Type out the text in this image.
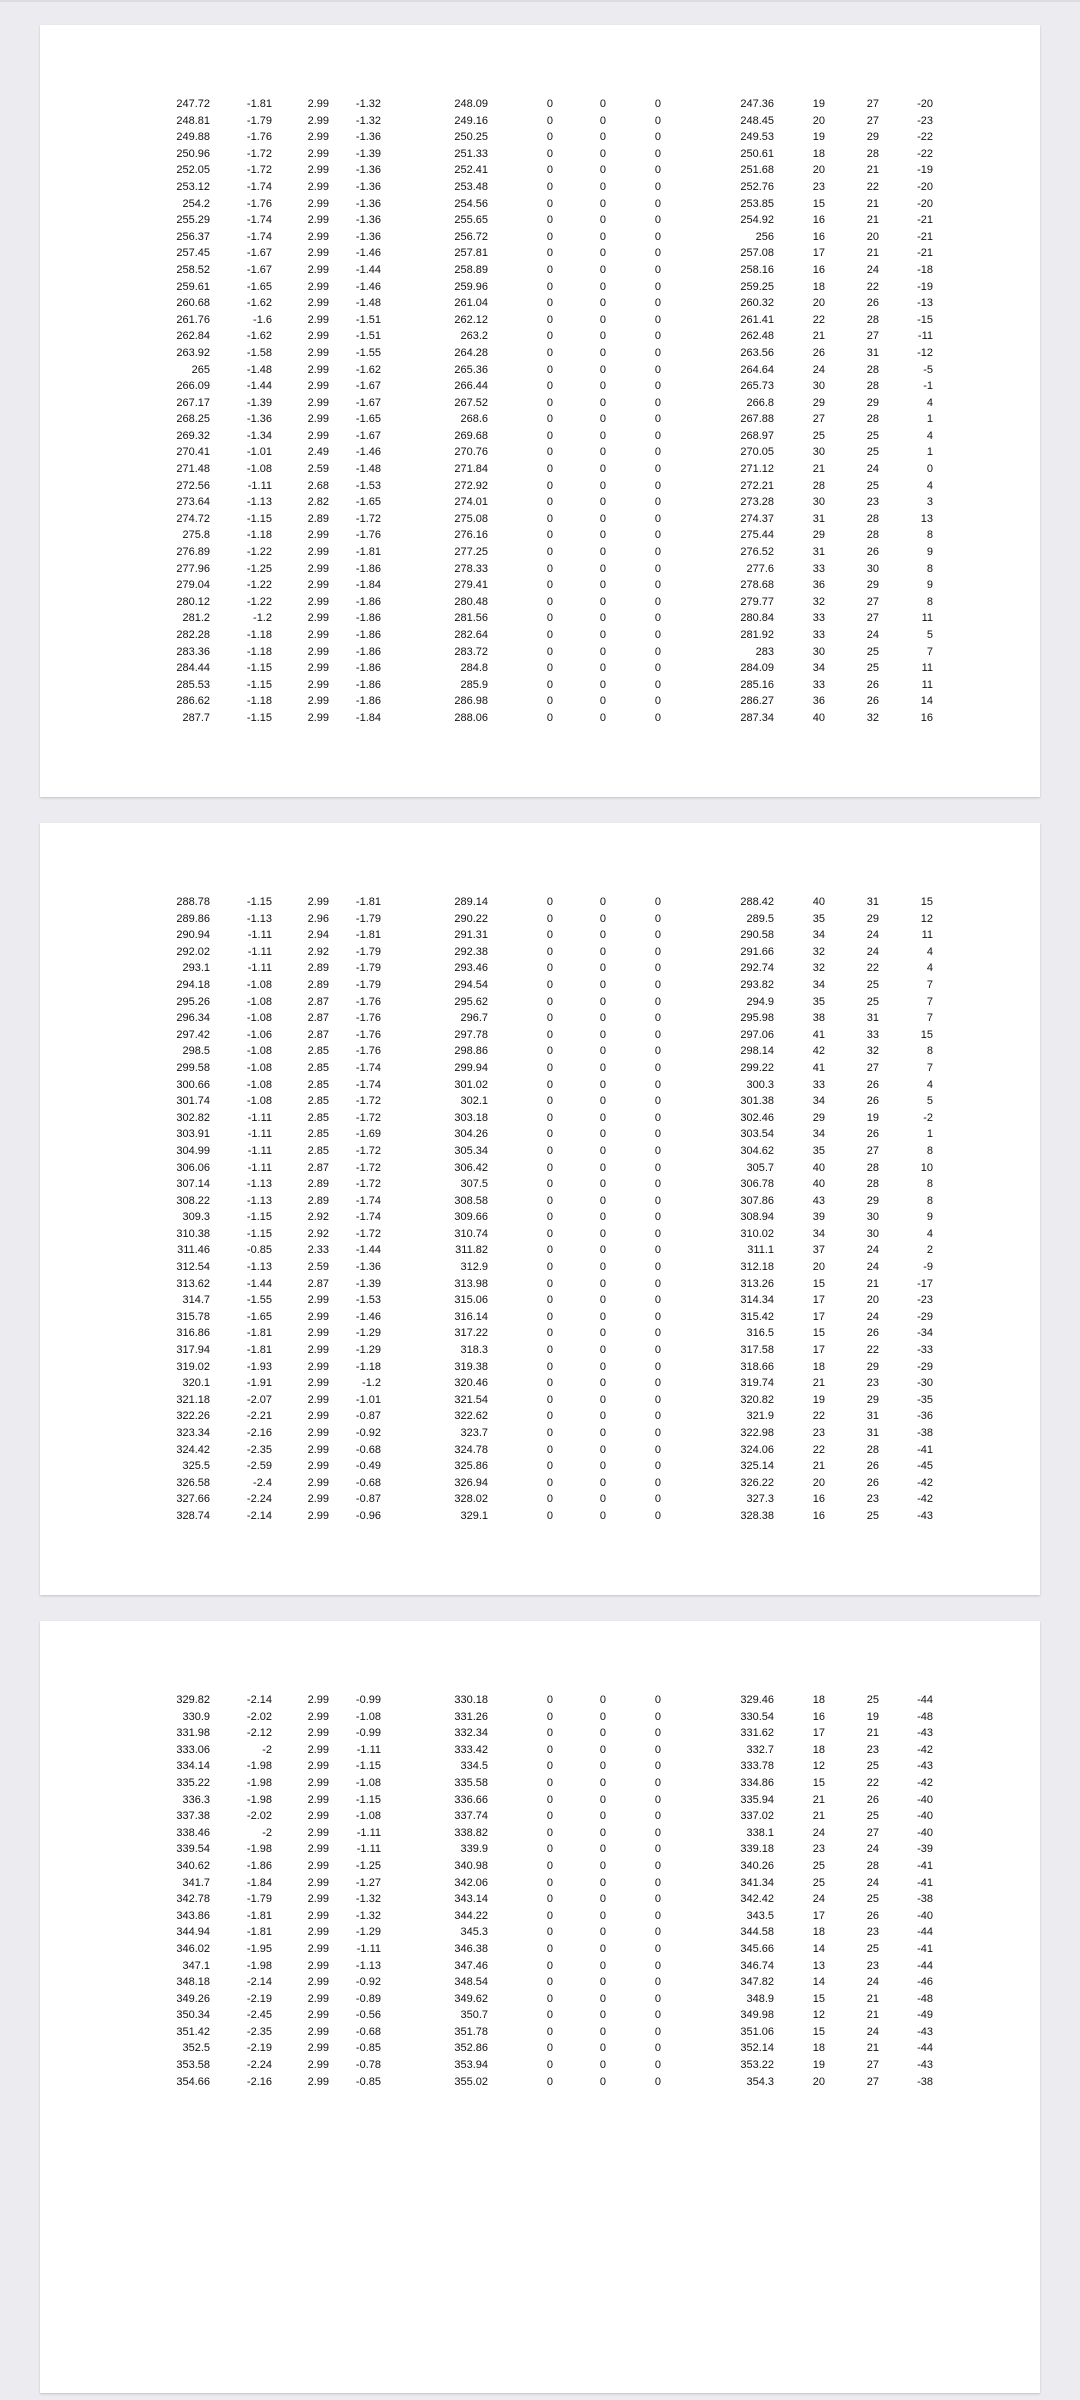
247.72	-1.81	2.99	-1.32	248.09	0	0	0	247.36	19	27	-20
248.81	-1.79	2.99	-1.32	249.16	0	0	0	248.45	20	27	-23
249.88	-1.76	2.99	-1.36	250.25	0	0	0	249.53	19	29	-22
250.96	-1.72	2.99	-1.39	251.33	0	0	0	250.61	18	28	-22
252.05	-1.72	2.99	-1.36	252.41	0	0	0	251.68	20	21	-19
253.12	-1.74	2.99	-1.36	253.48	0	0	0	252.76	23	22	-20
254.2	-1.76	2.99	-1.36	254.56	0	0	0	253.85	15	21	-20
255.29	-1.74	2.99	-1.36	255.65	0	0	0	254.92	16	21	-21
256.37	-1.74	2.99	-1.36	256.72	0	0	0	256	16	20	-21
257.45	-1.67	2.99	-1.46	257.81	0	0	0	257.08	17	21	-21
258.52	-1.67	2.99	-1.44	258.89	0	0	0	258.16	16	24	-18
259.61	-1.65	2.99	-1.46	259.96	0	0	0	259.25	18	22	-19
260.68	-1.62	2.99	-1.48	261.04	0	0	0	260.32	20	26	-13
261.76	-1.6	2.99	-1.51	262.12	0	0	0	261.41	22	28	-15
262.84	-1.62	2.99	-1.51	263.2	0	0	0	262.48	21	27	-11
263.92	-1.58	2.99	-1.55	264.28	0	0	0	263.56	26	31	-12
265	-1.48	2.99	-1.62	265.36	0	0	0	264.64	24	28	-5
266.09	-1.44	2.99	-1.67	266.44	0	0	0	265.73	30	28	-1
267.17	-1.39	2.99	-1.67	267.52	0	0	0	266.8	29	29	4
268.25	-1.36	2.99	-1.65	268.6	0	0	0	267.88	27	28	1
269.32	-1.34	2.99	-1.67	269.68	0	0	0	268.97	25	25	4
270.41	-1.01	2.49	-1.46	270.76	0	0	0	270.05	30	25	1
271.48	-1.08	2.59	-1.48	271.84	0	0	0	271.12	21	24	0
272.56	-1.11	2.68	-1.53	272.92	0	0	0	272.21	28	25	4
273.64	-1.13	2.82	-1.65	274.01	0	0	0	273.28	30	23	3
274.72	-1.15	2.89	-1.72	275.08	0	0	0	274.37	31	28	13
275.8	-1.18	2.99	-1.76	276.16	0	0	0	275.44	29	28	8
276.89	-1.22	2.99	-1.81	277.25	0	0	0	276.52	31	26	9
277.96	-1.25	2.99	-1.86	278.33	0	0	0	277.6	33	30	8
279.04	-1.22	2.99	-1.84	279.41	0	0	0	278.68	36	29	9
280.12	-1.22	2.99	-1.86	280.48	0	0	0	279.77	32	27	8
281.2	-1.2	2.99	-1.86	281.56	0	0	0	280.84	33	27	11
282.28	-1.18	2.99	-1.86	282.64	0	0	0	281.92	33	24	5
283.36	-1.18	2.99	-1.86	283.72	0	0	0	283	30	25	7
284.44	-1.15	2.99	-1.86	284.8	0	0	0	284.09	34	25	11
285.53	-1.15	2.99	-1.86	285.9	0	0	0	285.16	33	26	11
286.62	-1.18	2.99	-1.86	286.98	0	0	0	286.27	36	26	14
287.7	-1.15	2.99	-1.84	288.06	0	0	0	287.34	40	32	16
288.78	-1.15	2.99	-1.81	289.14	0	0	0	288.42	40	31	15
289.86	-1.13	2.96	-1.79	290.22	0	0	0	289.5	35	29	12
290.94	-1.11	2.94	-1.81	291.31	0	0	0	290.58	34	24	11
292.02	-1.11	2.92	-1.79	292.38	0	0	0	291.66	32	24	4
293.1	-1.11	2.89	-1.79	293.46	0	0	0	292.74	32	22	4
294.18	-1.08	2.89	-1.79	294.54	0	0	0	293.82	34	25	7
295.26	-1.08	2.87	-1.76	295.62	0	0	0	294.9	35	25	7
296.34	-1.08	2.87	-1.76	296.7	0	0	0	295.98	38	31	7
297.42	-1.06	2.87	-1.76	297.78	0	0	0	297.06	41	33	15
298.5	-1.08	2.85	-1.76	298.86	0	0	0	298.14	42	32	8
299.58	-1.08	2.85	-1.74	299.94	0	0	0	299.22	41	27	7
300.66	-1.08	2.85	-1.74	301.02	0	0	0	300.3	33	26	4
301.74	-1.08	2.85	-1.72	302.1	0	0	0	301.38	34	26	5
302.82	-1.11	2.85	-1.72	303.18	0	0	0	302.46	29	19	-2
303.91	-1.11	2.85	-1.69	304.26	0	0	0	303.54	34	26	1
304.99	-1.11	2.85	-1.72	305.34	0	0	0	304.62	35	27	8
306.06	-1.11	2.87	-1.72	306.42	0	0	0	305.7	40	28	10
307.14	-1.13	2.89	-1.72	307.5	0	0	0	306.78	40	28	8
308.22	-1.13	2.89	-1.74	308.58	0	0	0	307.86	43	29	8
309.3	-1.15	2.92	-1.74	309.66	0	0	0	308.94	39	30	9
310.38	-1.15	2.92	-1.72	310.74	0	0	0	310.02	34	30	4
311.46	-0.85	2.33	-1.44	311.82	0	0	0	311.1	37	24	2
312.54	-1.13	2.59	-1.36	312.9	0	0	0	312.18	20	24	-9
313.62	-1.44	2.87	-1.39	313.98	0	0	0	313.26	15	21	-17
314.7	-1.55	2.99	-1.53	315.06	0	0	0	314.34	17	20	-23
315.78	-1.65	2.99	-1.46	316.14	0	0	0	315.42	17	24	-29
316.86	-1.81	2.99	-1.29	317.22	0	0	0	316.5	15	26	-34
317.94	-1.81	2.99	-1.29	318.3	0	0	0	317.58	17	22	-33
319.02	-1.93	2.99	-1.18	319.38	0	0	0	318.66	18	29	-29
320.1	-1.91	2.99	-1.2	320.46	0	0	0	319.74	21	23	-30
321.18	-2.07	2.99	-1.01	321.54	0	0	0	320.82	19	29	-35
322.26	-2.21	2.99	-0.87	322.62	0	0	0	321.9	22	31	-36
323.34	-2.16	2.99	-0.92	323.7	0	0	0	322.98	23	31	-38
324.42	-2.35	2.99	-0.68	324.78	0	0	0	324.06	22	28	-41
325.5	-2.59	2.99	-0.49	325.86	0	0	0	325.14	21	26	-45
326.58	-2.4	2.99	-0.68	326.94	0	0	0	326.22	20	26	-42
327.66	-2.24	2.99	-0.87	328.02	0	0	0	327.3	16	23	-42
328.74	-2.14	2.99	-0.96	329.1	0	0	0	328.38	16	25	-43
329.82	-2.14	2.99	-0.99	330.18	0	0	0	329.46	18	25	-44
330.9	-2.02	2.99	-1.08	331.26	0	0	0	330.54	16	19	-48
331.98	-2.12	2.99	-0.99	332.34	0	0	0	331.62	17	21	-43
333.06	-2	2.99	-1.11	333.42	0	0	0	332.7	18	23	-42
334.14	-1.98	2.99	-1.15	334.5	0	0	0	333.78	12	25	-43
335.22	-1.98	2.99	-1.08	335.58	0	0	0	334.86	15	22	-42
336.3	-1.98	2.99	-1.15	336.66	0	0	0	335.94	21	26	-40
337.38	-2.02	2.99	-1.08	337.74	0	0	0	337.02	21	25	-40
338.46	-2	2.99	-1.11	338.82	0	0	0	338.1	24	27	-40
339.54	-1.98	2.99	-1.11	339.9	0	0	0	339.18	23	24	-39
340.62	-1.86	2.99	-1.25	340.98	0	0	0	340.26	25	28	-41
341.7	-1.84	2.99	-1.27	342.06	0	0	0	341.34	25	24	-41
342.78	-1.79	2.99	-1.32	343.14	0	0	0	342.42	24	25	-38
343.86	-1.81	2.99	-1.32	344.22	0	0	0	343.5	17	26	-40
344.94	-1.81	2.99	-1.29	345.3	0	0	0	344.58	18	23	-44
346.02	-1.95	2.99	-1.11	346.38	0	0	0	345.66	14	25	-41
347.1	-1.98	2.99	-1.13	347.46	0	0	0	346.74	13	23	-44
348.18	-2.14	2.99	-0.92	348.54	0	0	0	347.82	14	24	-46
349.26	-2.19	2.99	-0.89	349.62	0	0	0	348.9	15	21	-48
350.34	-2.45	2.99	-0.56	350.7	0	0	0	349.98	12	21	-49
351.42	-2.35	2.99	-0.68	351.78	0	0	0	351.06	15	24	-43
352.5	-2.19	2.99	-0.85	352.86	0	0	0	352.14	18	21	-44
353.58	-2.24	2.99	-0.78	353.94	0	0	0	353.22	19	27	-43
354.66	-2.16	2.99	-0.85	355.02	0	0	0	354.3	20	27	-38
